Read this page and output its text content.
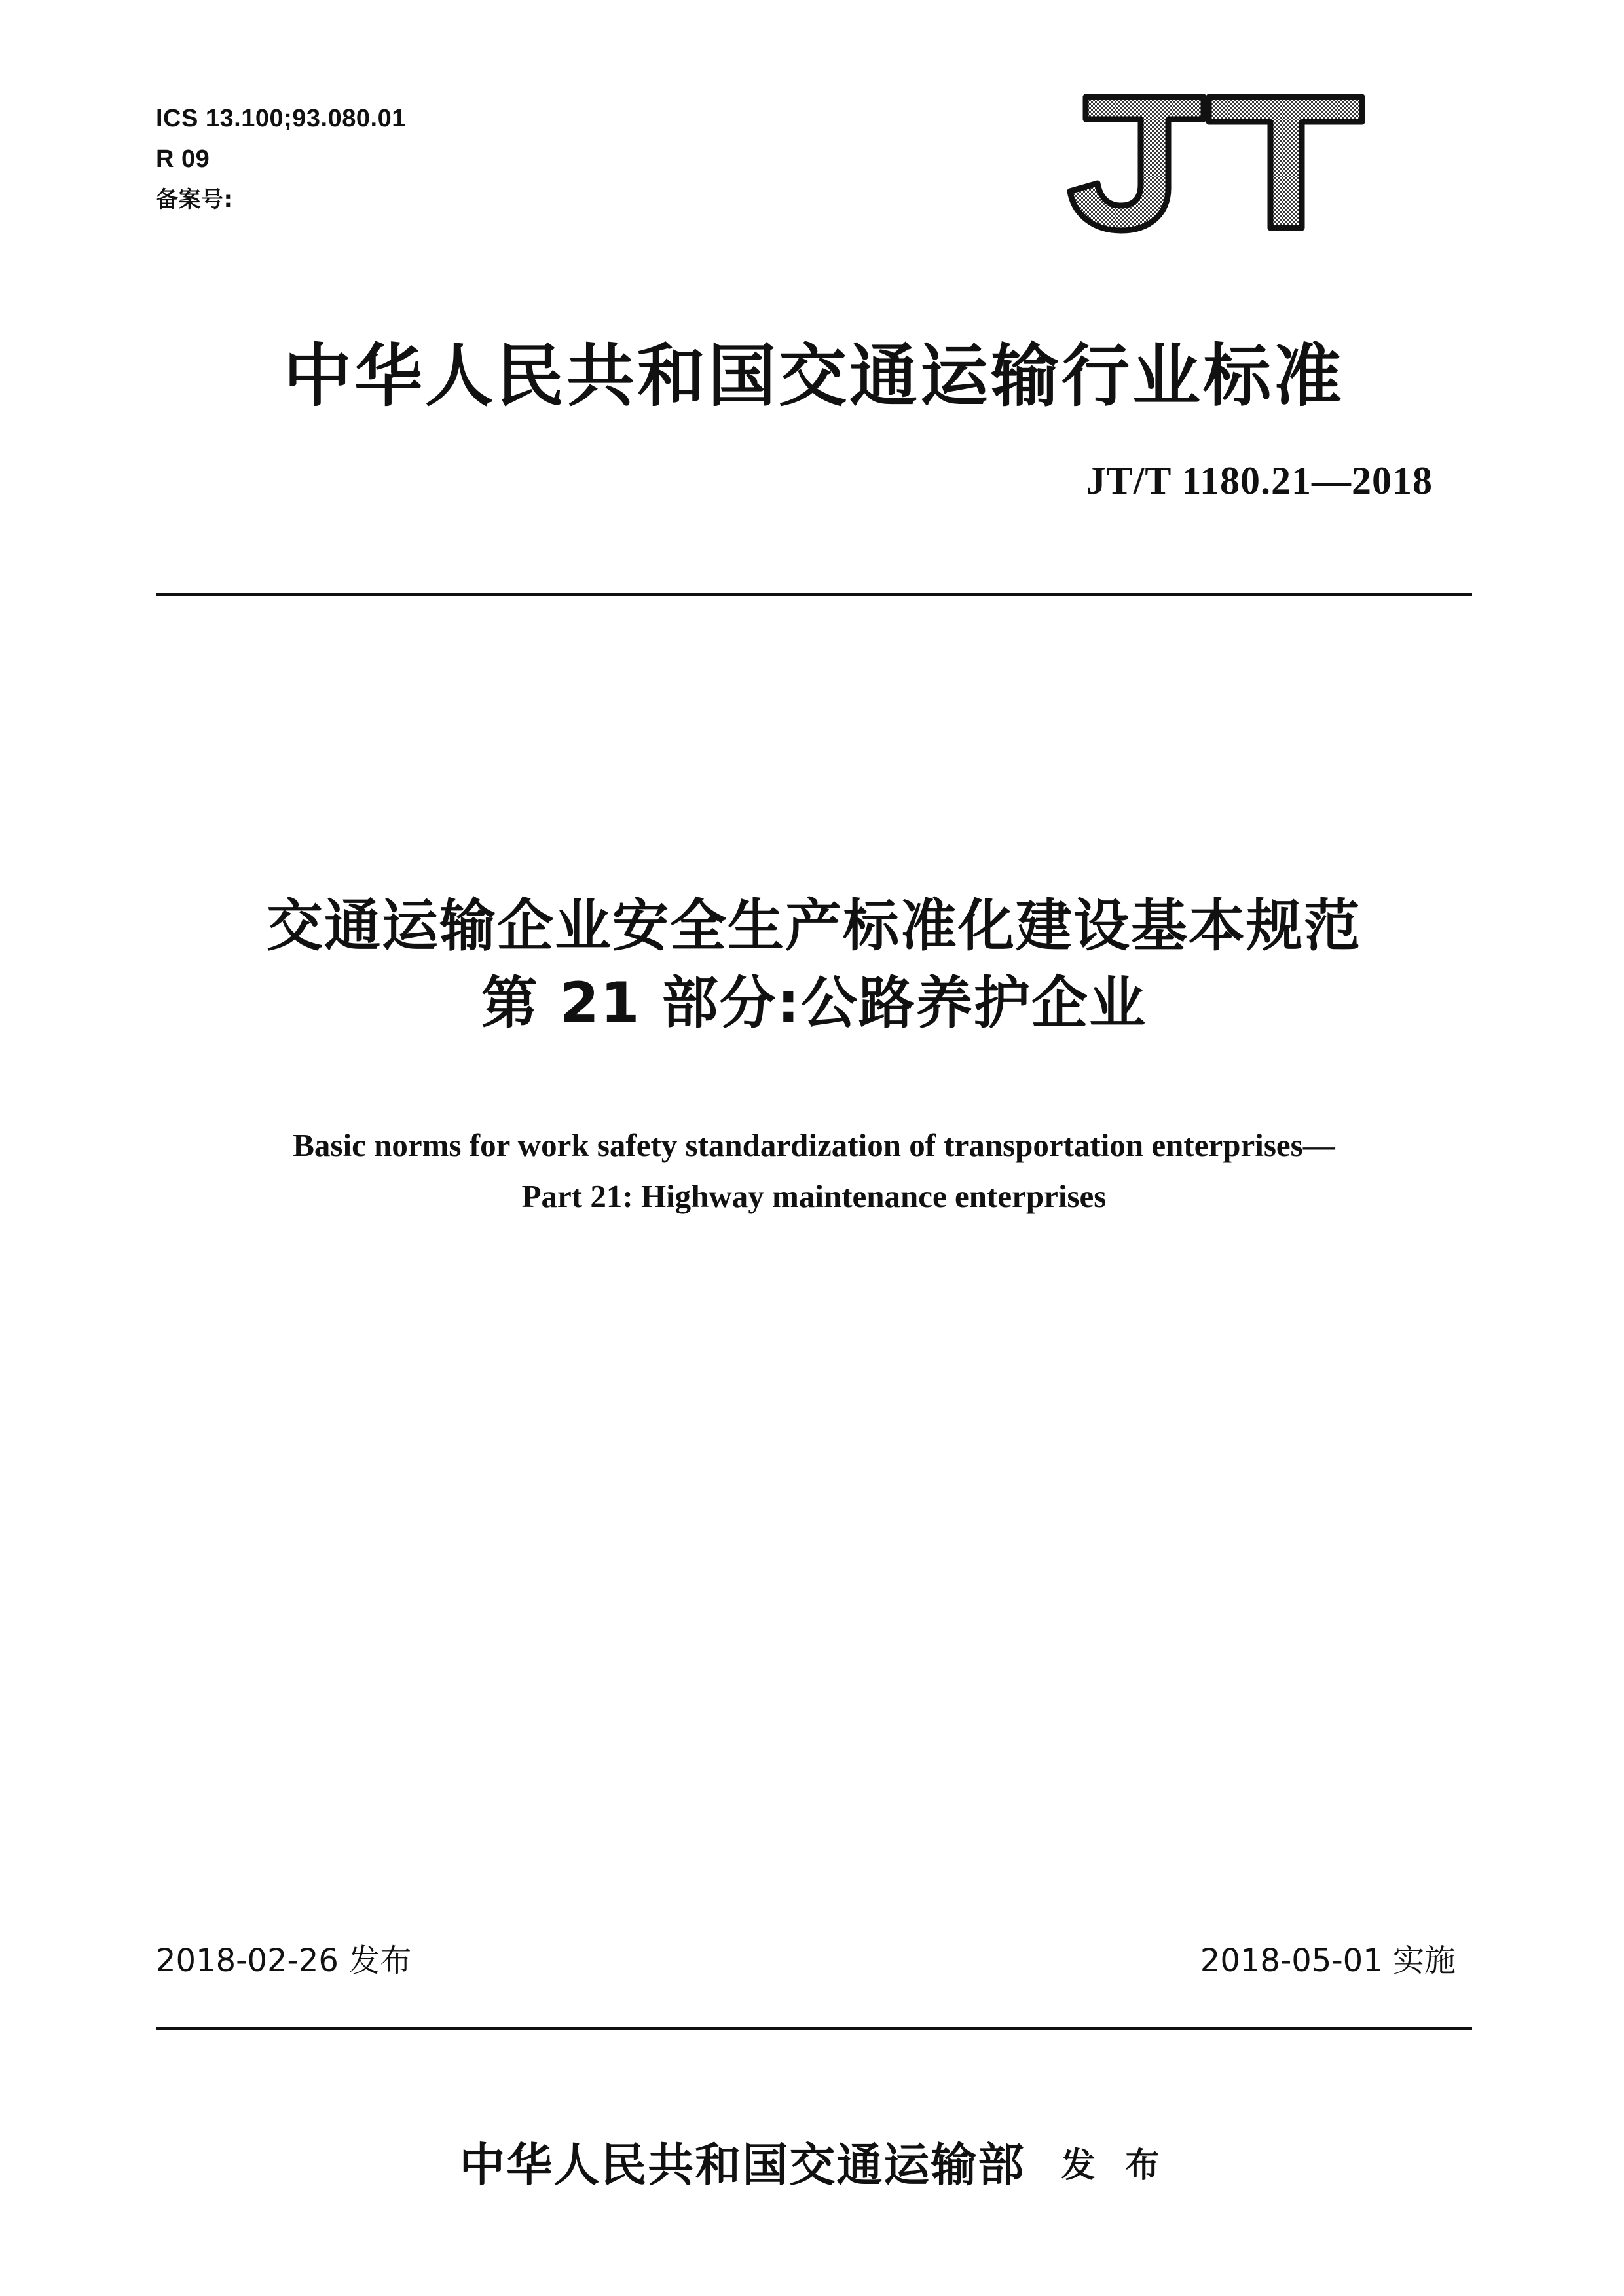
ICS 13.100;93.080.01
R 09
备案号:
中华人民共和国交通运输行业标准
JT/T 1180.21—2018
交通运输企业安全生产标准化建设基本规范
第 21 部分:公路养护企业
Basic norms for work safety standardization of transportation enterprises—
Part 21: Highway maintenance enterprises
2018-02-26 发布	2018-05-01 实施
中华人民共和国交通运输部 发 布
